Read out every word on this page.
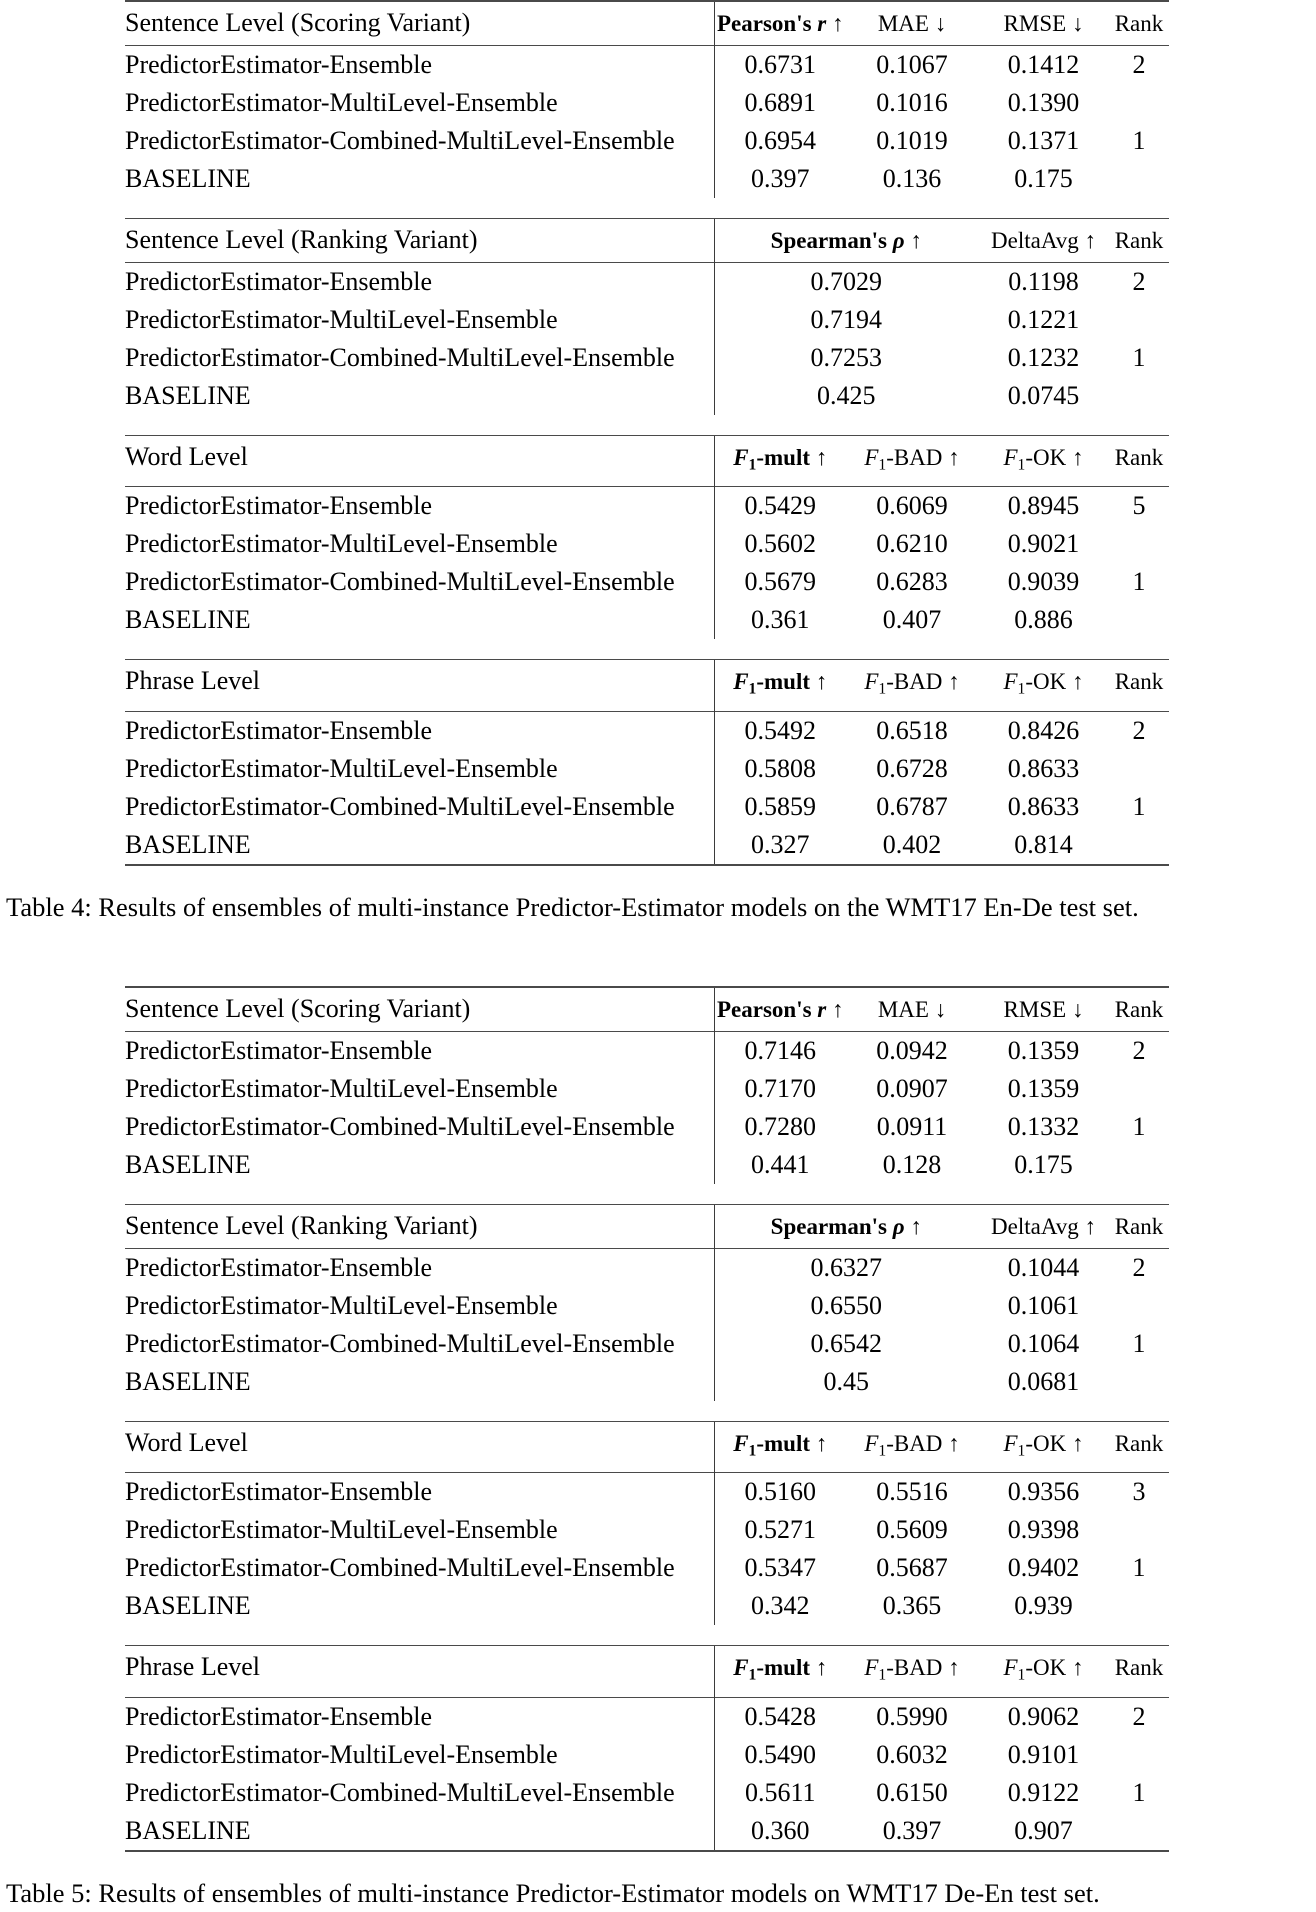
Sentence Level (Scoring Variant)	Pearson's r ↑	MAE ↓	RMSE ↓	Rank
PredictorEstimator-Ensemble	0.6731	0.1067	0.1412	2
PredictorEstimator-MultiLevel-Ensemble	0.6891	0.1016	0.1390	
PredictorEstimator-Combined-MultiLevel-Ensemble	0.6954	0.1019	0.1371	1
BASELINE	0.397	0.136	0.175	

Sentence Level (Ranking Variant)	Spearman's ρ ↑		DeltaAvg ↑	Rank
PredictorEstimator-Ensemble	0.7029		0.1198	2
PredictorEstimator-MultiLevel-Ensemble	0.7194		0.1221	
PredictorEstimator-Combined-MultiLevel-Ensemble	0.7253		0.1232	1
BASELINE	0.425		0.0745	

Word Level	$F_1$-mult ↑	$F_1$-BAD ↑	$F_1-OK$ ↑	Rank
PredictorEstimator-Ensemble	0.5429	0.6069	0.8945	5
PredictorEstimator-MultiLevel-Ensemble	0.5602	0.6210	0.9021	
PredictorEstimator-Combined-MultiLevel-Ensemble	0.5679	0.6283	0.9039	1
BASELINE	0.361	0.407	0.886	

Phrase Level	$F_1$-mult ↑	$F_1$-BAD ↑	$F_1-OK$ ↑	Rank
PredictorEstimator-Ensemble	0.5492	0.6518	0.8426	2
PredictorEstimator-MultiLevel-Ensemble	0.5808	0.6728	0.8633	
PredictorEstimator-Combined-MultiLevel-Ensemble	0.5859	0.6787	0.8633	1
BASELINE	0.327	0.402	0.814	

Table 4: Results of ensembles of multi-instance Predictor-Estimator models on the WMT17 En-De test set.

Sentence Level (Scoring Variant)	Pearson's r ↑	MAE ↓	RMSE ↓	Rank
PredictorEstimator-Ensemble	0.7146	0.0942	0.1359	2
PredictorEstimator-MultiLevel-Ensemble	0.7170	0.0907	0.1359	
PredictorEstimator-Combined-MultiLevel-Ensemble	0.7280	0.0911	0.1332	1
BASELINE	0.441	0.128	0.175	

Sentence Level (Ranking Variant)	Spearman's ρ ↑		DeltaAvg ↑	Rank
PredictorEstimator-Ensemble	0.6327		0.1044	2
PredictorEstimator-MultiLevel-Ensemble	0.6550		0.1061	
PredictorEstimator-Combined-MultiLevel-Ensemble	0.6542		0.1064	1
BASELINE	0.45		0.0681	

Word Level	$F_1$-mult ↑	$F_1$-BAD ↑	$F_1-OK$ ↑	Rank
PredictorEstimator-Ensemble	0.5160	0.5516	0.9356	3
PredictorEstimator-MultiLevel-Ensemble	0.5271	0.5609	0.9398	
PredictorEstimator-Combined-MultiLevel-Ensemble	0.5347	0.5687	0.9402	1
BASELINE	0.342	0.365	0.939	

Phrase Level	$F_1$-mult ↑	$F_1$-BAD ↑	$F_1-OK$ ↑	Rank
PredictorEstimator-Ensemble	0.5428	0.5990	0.9062	2
PredictorEstimator-MultiLevel-Ensemble	0.5490	0.6032	0.9101	
PredictorEstimator-Combined-MultiLevel-Ensemble	0.5611	0.6150	0.9122	1
BASELINE	0.360	0.397	0.907	

Table 5: Results of ensembles of multi-instance Predictor-Estimator models on WMT17 De-En test set.
